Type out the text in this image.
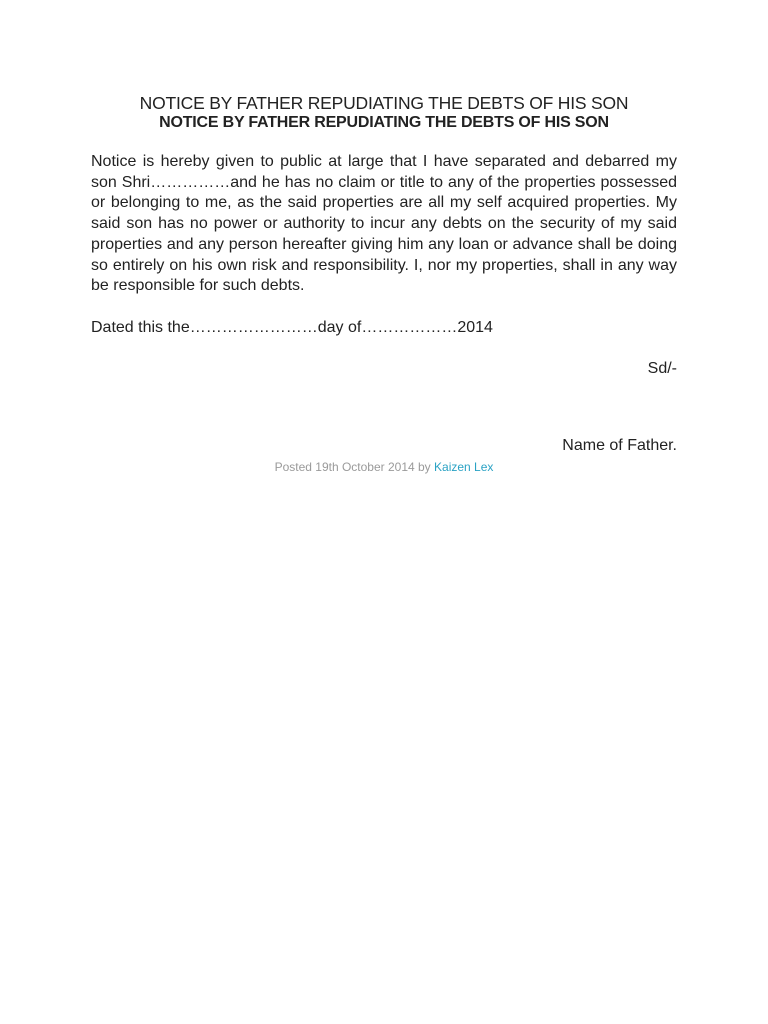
NOTICE BY FATHER REPUDIATING THE DEBTS OF HIS SON
NOTICE BY FATHER REPUDIATING THE DEBTS OF HIS SON

Notice is hereby given to public at large that I have separated and debarred my son Shri……………and he has no claim or title to any of the properties possessed or belonging to me, as the said properties are all my self acquired properties. My said son has no power or authority to incur any debts on the security of my said properties and any person hereafter giving him any loan or advance shall be doing so entirely on his own risk and responsibility. I, nor my properties, shall in any way be responsible for such debts.

Dated this the……………………day of………………2014

Sd/-

Name of Father.

Posted 19th October 2014 by Kaizen Lex
